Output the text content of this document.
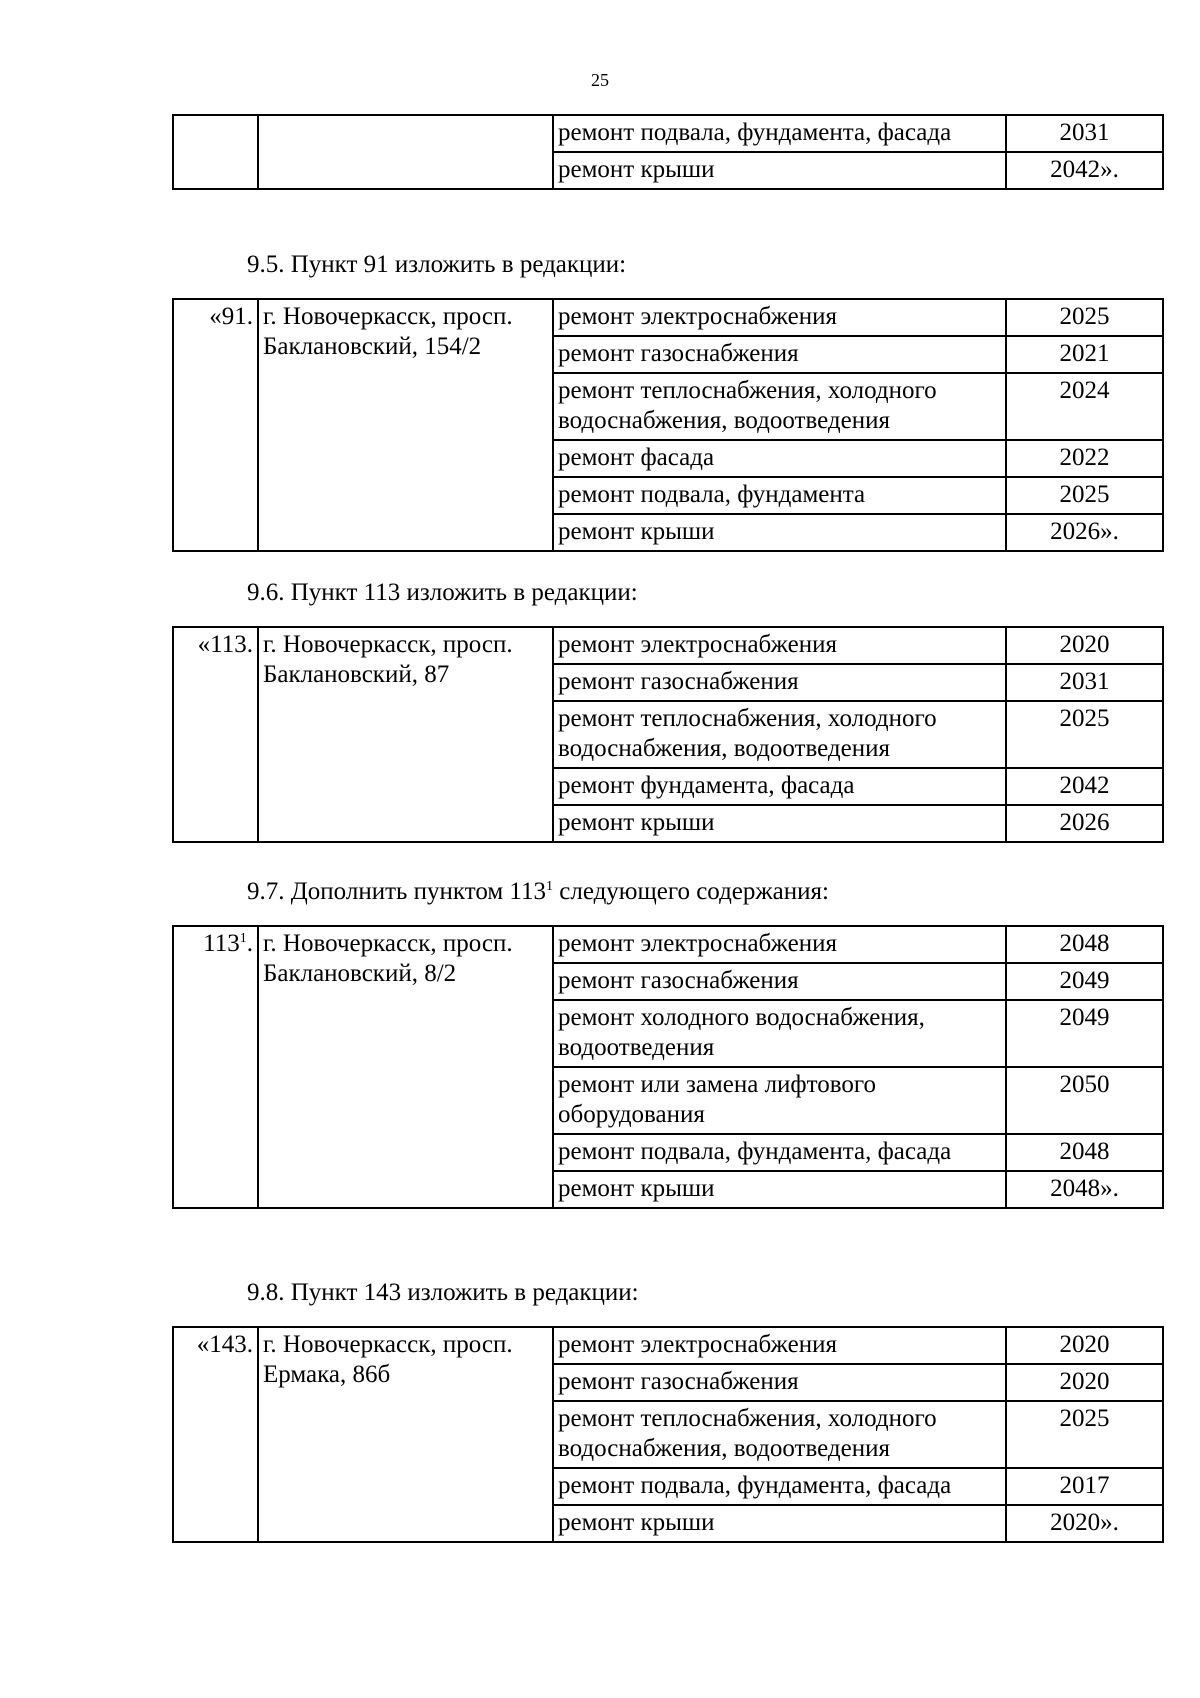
25
		ремонт подвала, фундамента, фасада	2031
		ремонт крыши	2042».
9.5. Пункт 91 изложить в редакции:
«91.	г. Новочеркасск, просп. Баклановский, 154/2	ремонт электроснабжения	2025
		ремонт газоснабжения	2021
		ремонт теплоснабжения, холодного водоснабжения, водоотведения	2024
		ремонт фасада	2022
		ремонт подвала, фундамента	2025
		ремонт крыши	2026».
9.6. Пункт 113 изложить в редакции:
«113.	г. Новочеркасск, просп. Баклановский, 87	ремонт электроснабжения	2020
		ремонт газоснабжения	2031
		ремонт теплоснабжения, холодного водоснабжения, водоотведения	2025
		ремонт фундамента, фасада	2042
		ремонт крыши	2026
9.7. Дополнить пунктом $113^1$ следующего содержания:
$113^1$.	г. Новочеркасск, просп. Баклановский, 8/2	ремонт электроснабжения	2048
		ремонт газоснабжения	2049
		ремонт холодного водоснабжения, водоотведения	2049
		ремонт или замена лифтового оборудования	2050
		ремонт подвала, фундамента, фасада	2048
		ремонт крыши	2048».
9.8. Пункт 143 изложить в редакции:
«143.	г. Новочеркасск, просп. Ермака, 86б	ремонт электроснабжения	2020
		ремонт газоснабжения	2020
		ремонт теплоснабжения, холодного водоснабжения, водоотведения	2025
		ремонт подвала, фундамента, фасада	2017
		ремонт крыши	2020».
